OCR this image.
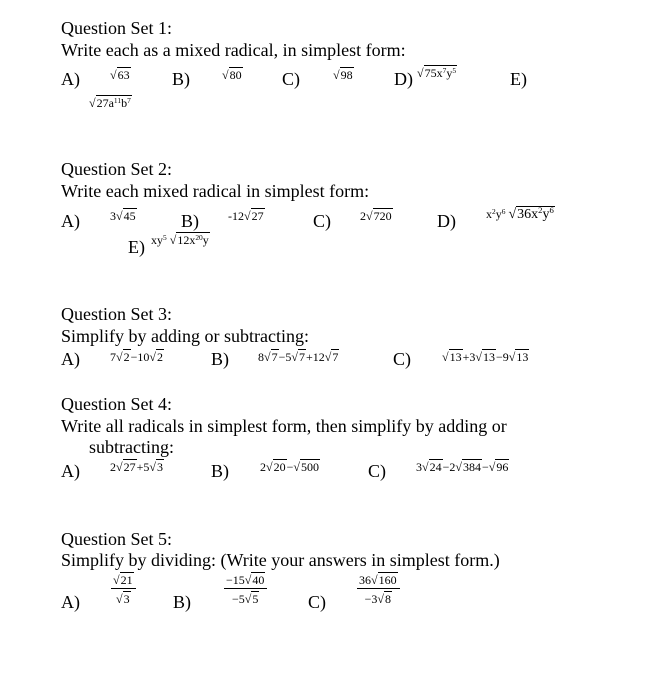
Question Set 1:
Write each as a mixed radical, in simplest form:
A)	√63 B)	√80 C)	√98 D) $√75x^7y^5$	E)
$√27a^{11}b^7$
Question Set 2:
Write each mixed radical in simplest form:
A)	3√45	B) -12√27	C) 2√720	D)	$x^2y^6$ $√36x^2y^6$
E) $xy^5$ $√12x^{20}y$
Question Set 3:
Simplify by adding or subtracting:
A)	7√2−10√2	B) 8√7−5√7+12√7	C)	√13+3√13−9√13
Question Set 4:
Write all radicals in simplest form, then simplify by adding or
subtracting:
A)	2√27+5√3	B)	2√20−√500	C)	3√24−2√384−√96
Question Set 5:
Simplify by dividing: (Write your answers in simplest form.)
A)	$\frac{√21}{√3} B$)	$\frac{-15√40}{-5√5} C$)	$\frac{36√160}{-3√8}$
